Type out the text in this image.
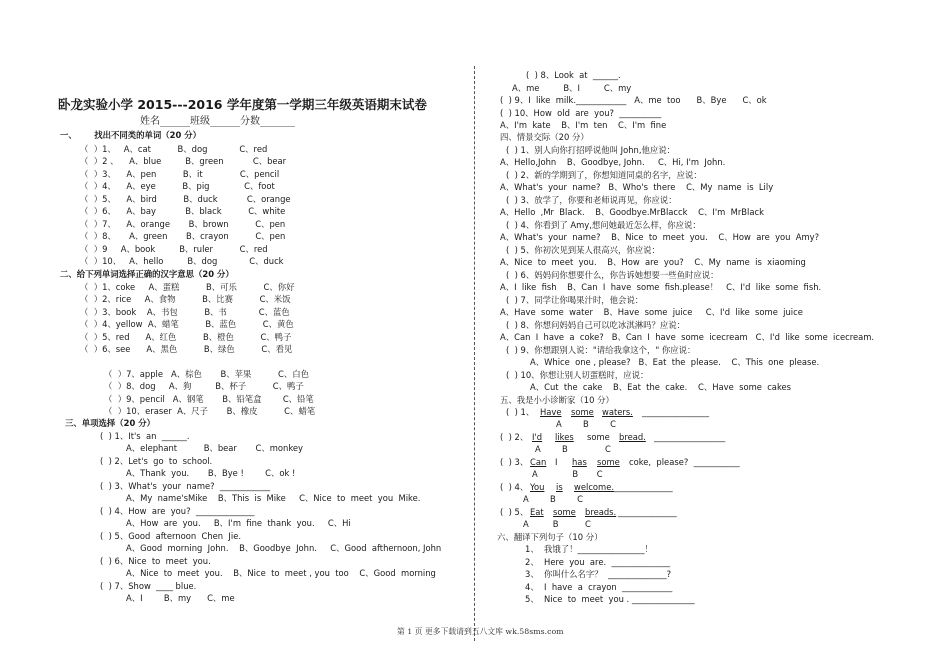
卧龙实验小学 2015---2016 学年度第一学期三年级英语期末试卷
姓名______班级______分数_______
一、      找出不同类的单词（20 分）
（  ）1、   A、cat          B、dog            C、red
（  ）2 、    A、blue         B、green           C、bear
（  ）3、    A、pen          B、it              C、pencil
（  ）4、    A、eye          B、pig             C、foot
（  ）5、    A、bird          B、duck           C、orange
（  ）6、    A、bay           B、black          C、white
（  ）7、    A、orange       B、brown          C、pen
（  ）8、     A、green       B、crayon          C、pen
（  ）9     A、book         B、ruler          C、red
（  ）10、   A、hello         B、dog            C、duck
二、给下列单词选择正确的汉字意思（20 分）
（  ）1、coke     A、蛋糕          B、可乐          C、你好
（  ）2、rice     A、食物          B、比赛          C、米饭
（  ）3、book    A、书包          B、书            C、蓝色
（  ）4、yellow  A、蜡笔          B、蓝色          C、黄色
（  ）5、red      A、红色          B、橙色          C、鸭子
（  ）6、see      A、黑色          B、绿色          C、看见
（  ）7、apple   A、棕色       B、苹果          C、白色
（  ）8、dog     A、狗         B、杯子          C、鸭子
（  ）9、pencil   A、钢笔       B、铅笔盒        C、铅笔
（  ）10、eraser  A、尺子       B、橡皮          C、蜡笔
三、单项选择（20 分）
(  ) 1、It's  an  ______.
A、elephant          B、bear       C、monkey
(  ) 2、Let's  go  to  school.
A、Thank  you.       B、Bye !        C、ok !
(  ) 3、What's  your  name?  ____________
A、My  name'sMike    B、This  is  Mike     C、Nice  to  meet  you  Mike.
(  ) 4、How  are  you?  ______________
A、How  are  you.     B、I'm  fine  thank  you.     C、Hi
(  ) 5、Good  afternoon  Chen  Jie.
A、Good  morning  John.    B、Goodbye  John.     C、Good  afthernoon, John
(  ) 6、Nice  to  meet  you.
A、Nice  to  meet  you.    B、Nice  to  meet , you  too    C、Good  morning
(  ) 7、Show  ____ blue.
A、I        B、my      C、me
(  ) 8、Look  at  ______.
A、me         B、I         C、my
(  ) 9、I  like  milk.____________   A、me  too      B、Bye      C、ok
(  ) 10、How  old  are  you?  __________
A、I'm  kate    B、I'm  ten    C、I'm  fine
四、情景交际（20 分）
(  ) 1、别人向你打招呼说他叫 John,他应说：
A、Hello,John    B、Goodbye, John.     C、Hi, I'm  John.
(  ) 2、新的学期到了，你想知道同桌的名字，应说：
A、What's  your  name?   B、Who's  there    C、My  name  is  Lily
(  ) 3、放学了，你要和老师说再见，你应说：
A、Hello  ,Mr  Black.    B、Goodbye.MrBlacck    C、I'm  MrBlack
(  ) 4、你看到了 Amy,想问她最近怎么样，你应说：
A、What's  your  name?    B、Nice  to  meet  you.    C、How  are  you  Amy?
(  ) 5、你初次见到某人很高兴，你应说：
A、Nice  to  meet  you.    B、How  are  you?    C、My  name  is  xiaoming
(  ) 6、妈妈问你想要什么，你告诉她想要一些鱼时应说：
A、I  like  fish    B、Can  I  have  some  fish.please！   C、I'd  like  some  fish.
(  ) 7、同学让你喝果汁时，他会说：
A、Have  some  water    B、Have  some  juice     C、I'd  like  some  juice
(  ) 8、你想问妈妈自己可以吃冰淇淋吗？应说：
A、Can  I  have  a  coke?   B、Can  I  have  some  icecream   C、I'd  like  some  icecream.
(  ) 9、你想跟别人说："请给我拿这个，" 你应说：
A、Whice  one , please?   B、Eat  the  please.    C、This  one  please.
(  ) 10、你想让别人切蛋糕时，应说：
A、Cut  the  cake    B、Eat  the  cake.    C、Have  some  cakes
五、我是小小诊断家（10 分）
(  ) 1、 Have some waters. ________________
A        B        C
(  ) 2、 I'd likes some bread. _________________
A        B              C
(  ) 3、 Can I has some coke,  please?  ___________
A             B       C
(  ) 4、 You is welcome. ______________
A        B        C
(  ) 5、 Eat some breads. ______________
A         B          C
六、翻译下列句子（10 分）
1、  我饿了！________________！
2、  Here  you  are.  ______________
3、  你叫什么名字？  ______________?
4、  I  have  a  crayon  ____________
5、  Nice  to  meet  you . _______________
第 1 页 更多下载请到五八文库 wk.58sms.com
